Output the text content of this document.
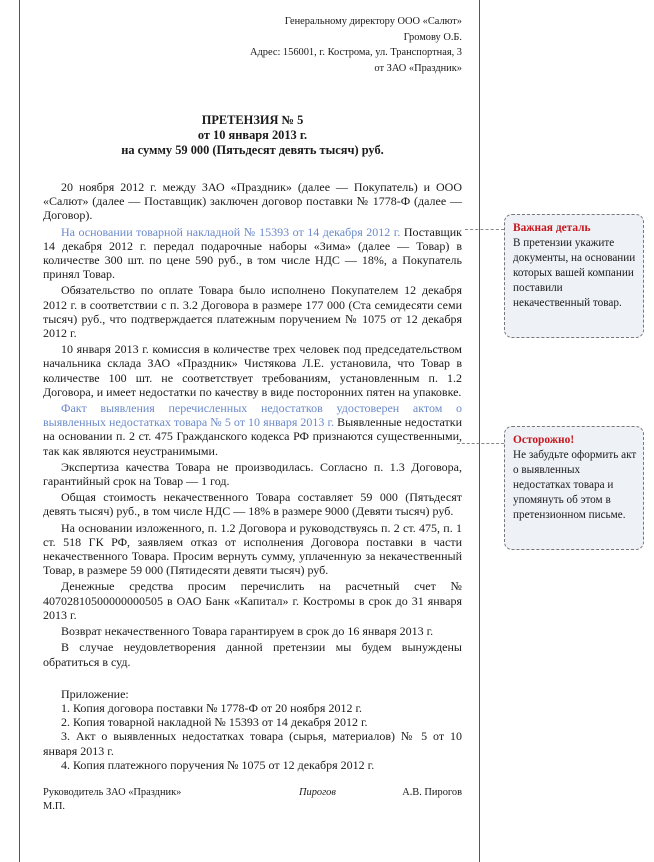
Генеральному директору ООО «Салют»

Громову О.Б.

Адрес: 156001, г. Кострома, ул. Транспортная, 3

от ЗАО «Праздник»

ПРЕТЕНЗИЯ № 5

от 10 января 2013 г.

на сумму 59 000 (Пятьдесят девять тысяч) руб.

20 ноября 2012 г. между ЗАО «Праздник» (далее — Покупатель) и ООО «Салют» (далее — Поставщик) заключен договор поставки № 1778-Ф (далее — Договор).

На основании товарной накладной № 15393 от 14 декабря 2012 г. Поставщик 14 декабря 2012 г. передал подарочные наборы «Зима» (далее — Товар) в количестве 300 шт. по цене 590 руб., в том числе НДС — 18%, а Покупатель принял Товар.

Обязательство по оплате Товара было исполнено Покупателем 12 декабря 2012 г. в соответствии с п. 3.2 Договора в размере 177 000 (Ста семидесяти семи тысяч) руб., что подтверждается платежным поручением № 1075 от 12 декабря 2012 г.

10 января 2013 г. комиссия в количестве трех человек под председательством начальника склада ЗАО «Праздник» Чистякова Л.Е. установила, что Товар в количестве 100 шт. не соответствует требованиям, установленным п. 1.2 Договора, и имеет недостатки по качеству в виде посторонних пятен на упаковке.

Факт выявления перечисленных недостатков удостоверен актом о выявленных недостатках товара № 5 от 10 января 2013 г. Выявленные недостатки на основании п. 2 ст. 475 Гражданского кодекса РФ признаются существенными, так как являются неустранимыми.

Экспертиза качества Товара не производилась. Согласно п. 1.3 Договора, гарантийный срок на Товар — 1 год.

Общая стоимость некачественного Товара составляет 59 000 (Пятьдесят девять тысяч) руб., в том числе НДС — 18% в размере 9000 (Девяти тысяч) руб.

На основании изложенного, п. 1.2 Договора и руководствуясь п. 2 ст. 475, п. 1 ст. 518 ГК РФ, заявляем отказ от исполнения Договора поставки в части некачественного Товара. Просим вернуть сумму, уплаченную за некачественный Товар, в размере 59 000 (Пятидесяти девяти тысяч) руб.

Денежные средства просим перечислить на расчетный счет № 40702810500000000505 в ОАО Банк «Капитал» г. Костромы в срок до 31 января 2013 г.

Возврат некачественного Товара гарантируем в срок до 16 января 2013 г.

В случае неудовлетворения данной претензии мы будем вынуждены обратиться в суд.

Приложение:

1. Копия договора поставки № 1778-Ф от 20 ноября 2012 г.

2. Копия товарной накладной № 15393 от 14 декабря 2012 г.

3. Акт о выявленных недостатках товара (сырья, материалов) № 5 от 10 января 2013 г.

4. Копия платежного поручения № 1075 от 12 декабря 2012 г.

Руководитель ЗАО «Праздник»	Пирогов	А.В. Пирогов
М.П.
Важная деталь

В претензии укажите документы, на основании которых вашей компании поставили некачественный товар.

Осторожно!

Не забудьте оформить акт о выявленных недостатках товара и упомянуть об этом в претензионном письме.
